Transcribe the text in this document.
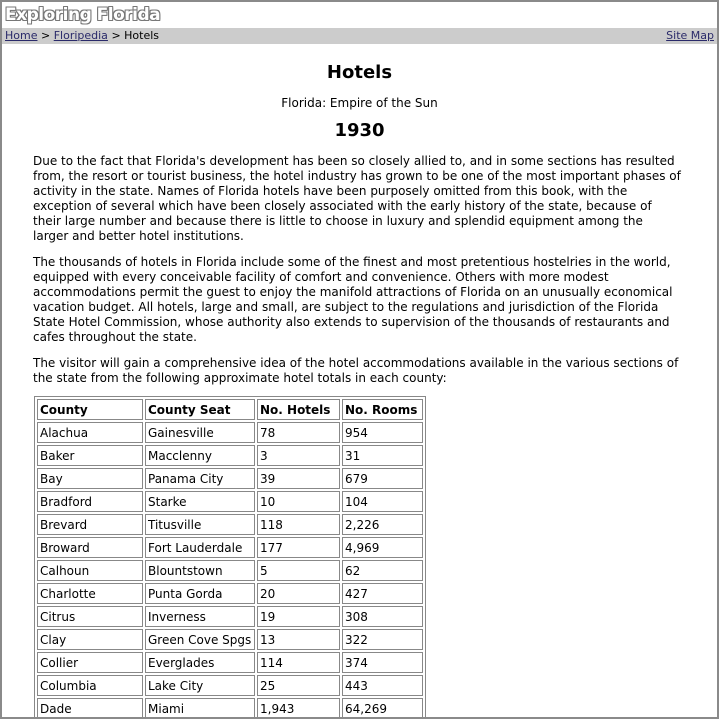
Exploring Florida
Home > Floripedia > Hotels	Site Map
Hotels
Florida: Empire of the Sun
1930

Due to the fact that Florida's development has been so closely allied to, and in some sections has resulted from, the resort or tourist business, the hotel industry has grown to be one of the most important phases of activity in the state. Names of Florida hotels have been purposely omitted from this book, with the exception of several which have been closely associated with the early history of the state, because of their large number and because there is little to choose in luxury and splendid equipment among the larger and better hotel institutions.

The thousands of hotels in Florida include some of the finest and most pretentious hostelries in the world, equipped with every conceivable facility of comfort and convenience. Others with more modest accommodations permit the guest to enjoy the manifold attractions of Florida on an unusually economical vacation budget. All hotels, large and small, are subject to the regulations and jurisdiction of the Florida State Hotel Commission, whose authority also extends to supervision of the thousands of restaurants and cafes throughout the state.

The visitor will gain a comprehensive idea of the hotel accommodations available in the various sections of the state from the following approximate hotel totals in each county:

County	County Seat	No. Hotels	No. Rooms
Alachua	Gainesville	78	954
Baker	Macclenny	3	31
Bay	Panama City	39	679
Bradford	Starke	10	104
Brevard	Titusville	118	2,226
Broward	Fort Lauderdale	177	4,969
Calhoun	Blountstown	5	62
Charlotte	Punta Gorda	20	427
Citrus	Inverness	19	308
Clay	Green Cove Spgs	13	322
Collier	Everglades	114	374
Columbia	Lake City	25	443
Dade	Miami	1,943	64,269
